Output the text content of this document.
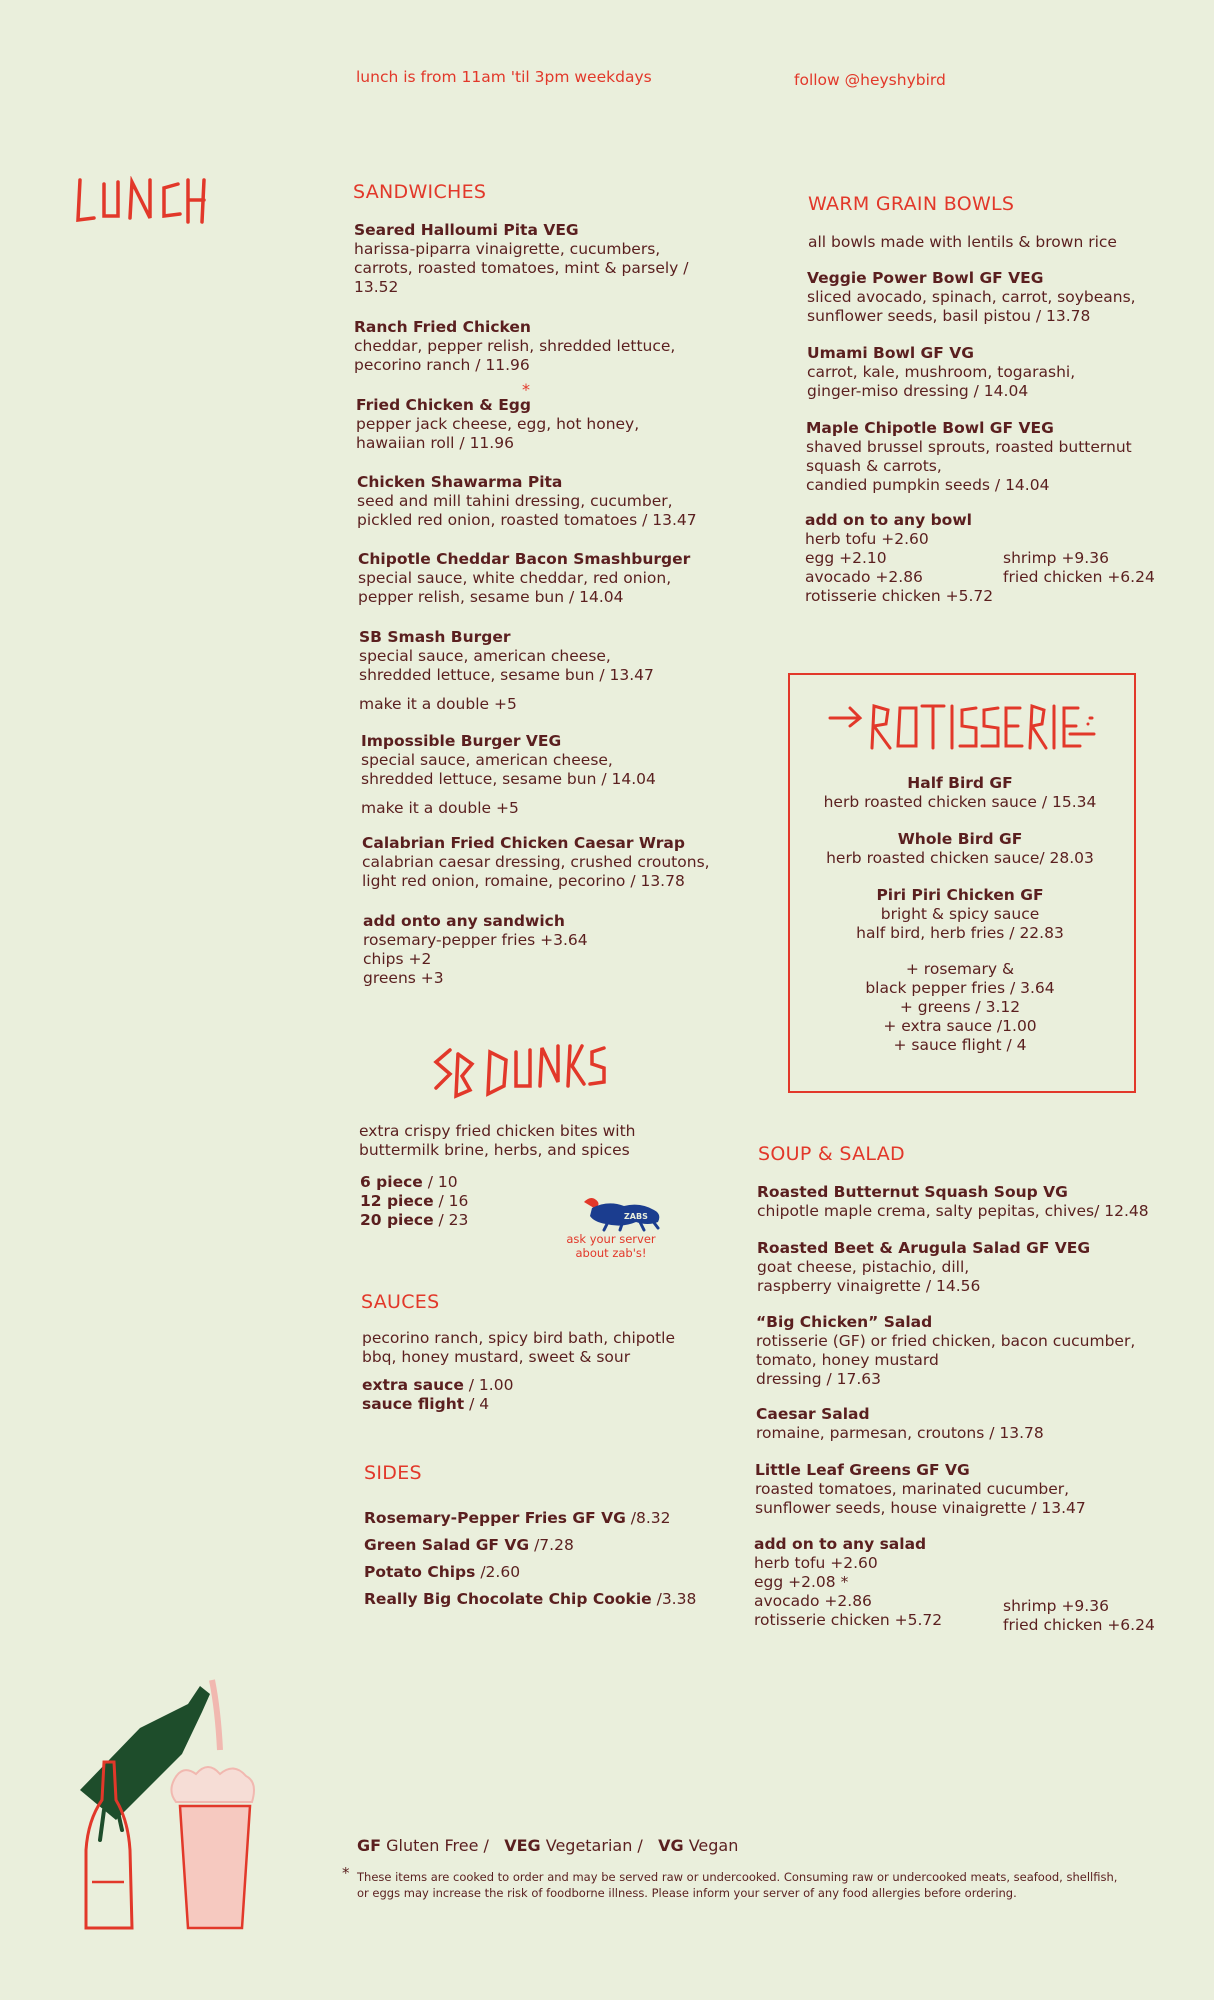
lunch is from 11am 'til 3pm weekdays	follow @heyshybird
LUNCH
SANDWICHES
Seared Halloumi Pita VEG
harissa-piparra vinaigrette, cucumbers,
carrots, roasted tomatoes, mint & parsely /
13.52
Ranch Fried Chicken
cheddar, pepper relish, shredded lettuce,
pecorino ranch / 11.96
*
Fried Chicken & Egg
pepper jack cheese, egg, hot honey,
hawaiian roll / 11.96
Chicken Shawarma Pita
seed and mill tahini dressing, cucumber,
pickled red onion, roasted tomatoes / 13.47
Chipotle Cheddar Bacon Smashburger
special sauce, white cheddar, red onion,
pepper relish, sesame bun / 14.04
SB Smash Burger
special sauce, american cheese,
shredded lettuce, sesame bun / 13.47
make it a double +5
Impossible Burger VEG
special sauce, american cheese,
shredded lettuce, sesame bun / 14.04
make it a double +5
Calabrian Fried Chicken Caesar Wrap
calabrian caesar dressing, crushed croutons,
light red onion, romaine, pecorino / 13.78
add onto any sandwich
rosemary-pepper fries +3.64
chips +2
greens +3
WARM GRAIN BOWLS
all bowls made with lentils & brown rice
Veggie Power Bowl GF VEG
sliced avocado, spinach, carrot, soybeans,
sunflower seeds, basil pistou / 13.78
Umami Bowl GF VG
carrot, kale, mushroom, togarashi,
ginger-miso dressing / 14.04
Maple Chipotle Bowl GF VEG
shaved brussel sprouts, roasted butternut
squash & carrots,
candied pumpkin seeds / 14.04
add on to any bowl
herb tofu +2.60
egg +2.10
avocado +2.86
rotisserie chicken +5.72
shrimp +9.36
fried chicken +6.24
ROTISSERIE
Half Bird GF
herb roasted chicken sauce / 15.34
Whole Bird GF
herb roasted chicken sauce/ 28.03
Piri Piri Chicken GF
bright & spicy sauce
half bird, herb fries / 22.83
+ rosemary &
black pepper fries / 3.64
+ greens / 3.12
+ extra sauce /1.00
+ sauce flight / 4
SB DUNKS
extra crispy fried chicken bites with
buttermilk brine, herbs, and spices
6 piece / 10
12 piece / 16
20 piece / 23	ZABS
ask your server
about zab's!
SAUCES
pecorino ranch, spicy bird bath, chipotle
bbq, honey mustard, sweet & sour
extra sauce / 1.00
sauce flight / 4
SIDES
Rosemary-Pepper Fries GF VG /8.32
Green Salad GF VG /7.28
Potato Chips /2.60
Really Big Chocolate Chip Cookie /3.38
SOUP & SALAD
Roasted Butternut Squash Soup VG
chipotle maple crema, salty pepitas, chives/ 12.48
Roasted Beet & Arugula Salad GF VEG
goat cheese, pistachio, dill,
raspberry vinaigrette / 14.56
“Big Chicken” Salad
rotisserie (GF) or fried chicken, bacon cucumber,
tomato, honey mustard
dressing / 17.63
Caesar Salad
romaine, parmesan, croutons / 13.78
Little Leaf Greens GF VG
roasted tomatoes, marinated cucumber,
sunflower seeds, house vinaigrette / 13.47
add on to any salad
herb tofu +2.60
egg +2.08 *
avocado +2.86
rotisserie chicken +5.72
shrimp +9.36
fried chicken +6.24
GF Gluten Free / VEG Vegetarian / VG Vegan
* These items are cooked to order and may be served raw or undercooked. Consuming raw or undercooked meats, seafood, shellfish,
or eggs may increase the risk of foodborne illness. Please inform your server of any food allergies before ordering.
